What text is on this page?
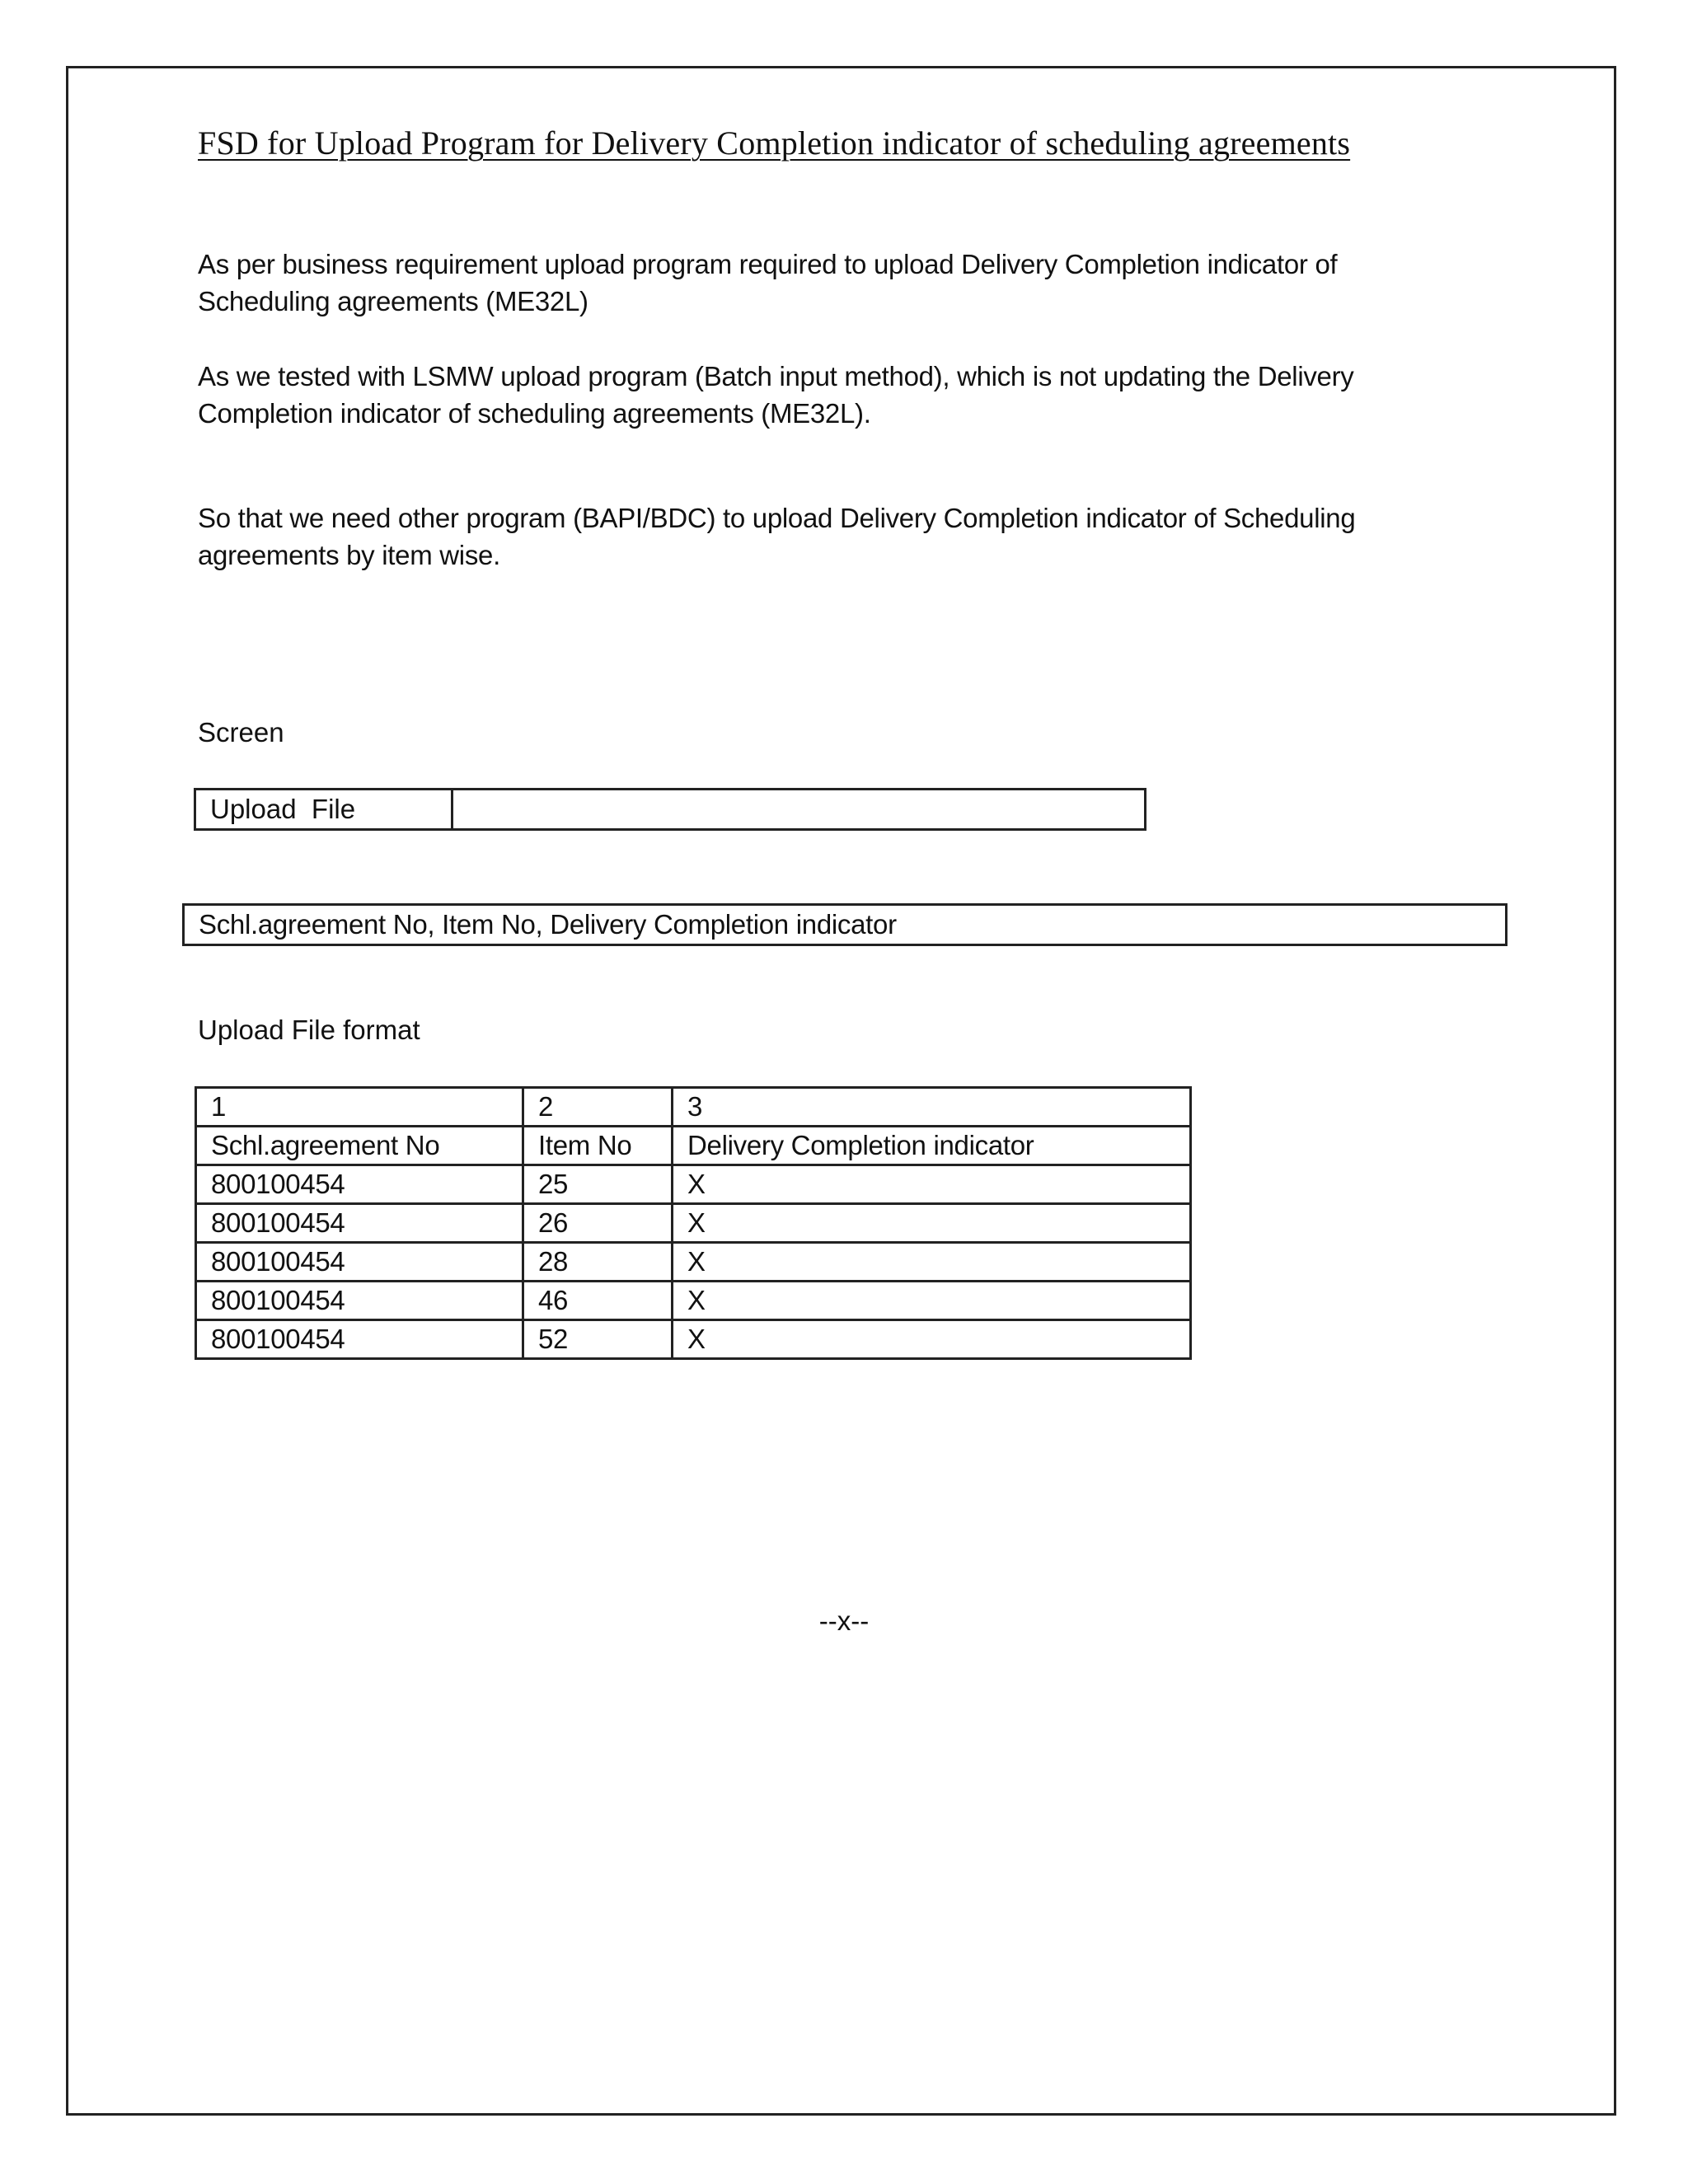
FSD for Upload Program for Delivery Completion indicator of scheduling agreements

As per business requirement upload program required to upload Delivery Completion indicator of Scheduling agreements (ME32L)

As we tested with LSMW upload program (Batch input method), which is not updating the Delivery Completion indicator of scheduling agreements (ME32L).

So that we need other program (BAPI/BDC) to upload Delivery Completion indicator of Scheduling agreements by item wise.

Screen
Upload  File
Schl.agreement No, Item No, Delivery Completion indicator
Upload File format
1	2	3
Schl.agreement No	Item No	Delivery Completion indicator
800100454	25	X
800100454	26	X
800100454	28	X
800100454	46	X
800100454	52	X
--x--
